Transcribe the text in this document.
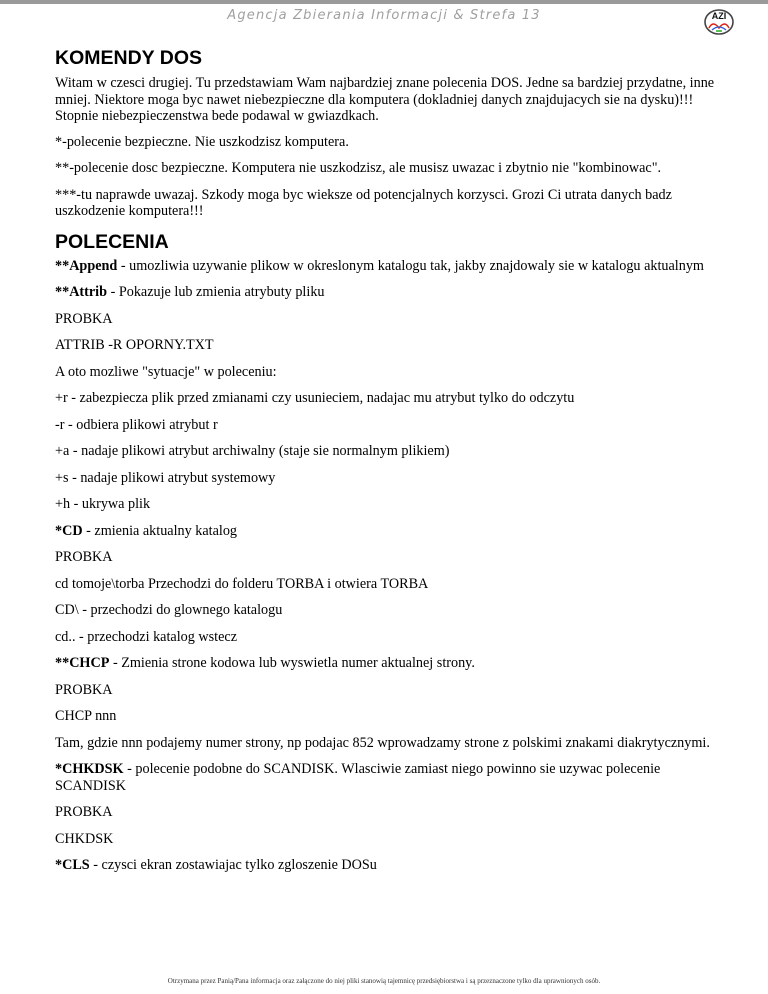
Agencja Zbierania Informacji & Strefa 13	AZI
KOMENDY DOS

Witam w czesci drugiej. Tu przedstawiam Wam najbardziej znane polecenia DOS. Jedne sa bardziej przydatne, inne mniej. Niektore moga byc nawet niebezpieczne dla komputera (dokladniej danych znajdujacych sie na dysku)!!! Stopnie niebezpieczenstwa bede podawal w gwiazdkach.

*-polecenie bezpieczne. Nie uszkodzisz komputera.

**-polecenie dosc bezpieczne. Komputera nie uszkodzisz, ale musisz uwazac i zbytnio nie "kombinowac".

***-tu naprawde uwazaj. Szkody moga byc wieksze od potencjalnych korzysci. Grozi Ci utrata danych badz uszkodzenie komputera!!!

POLECENIA

**Append - umozliwia uzywanie plikow w okreslonym katalogu tak, jakby znajdowaly sie w katalogu aktualnym

**Attrib - Pokazuje lub zmienia atrybuty pliku

PROBKA

ATTRIB -R OPORNY.TXT

A oto mozliwe "sytuacje" w poleceniu:

+r - zabezpiecza plik przed zmianami czy usunieciem, nadajac mu atrybut tylko do odczytu

-r - odbiera plikowi atrybut r

+a - nadaje plikowi atrybut archiwalny (staje sie normalnym plikiem)

+s - nadaje plikowi atrybut systemowy

+h - ukrywa plik

*CD - zmienia aktualny katalog

PROBKA

cd tomoje\torba Przechodzi do folderu TORBA i otwiera TORBA

CD\ - przechodzi do glownego katalogu

cd.. - przechodzi katalog wstecz

**CHCP - Zmienia strone kodowa lub wyswietla numer aktualnej strony.

PROBKA

CHCP nnn

Tam, gdzie nnn podajemy numer strony, np podajac 852 wprowadzamy strone z polskimi znakami diakrytycznymi.

*CHKDSK - polecenie podobne do SCANDISK. Wlasciwie zamiast niego powinno sie uzywac polecenie SCANDISK

PROBKA

CHKDSK

*CLS - czysci ekran zostawiajac tylko zgloszenie DOSu

Otrzymana przez Panią/Pana informacja oraz załączone do niej pliki stanowią tajemnicę przedsiębiorstwa i są przeznaczone tylko dla uprawnionych osób.
